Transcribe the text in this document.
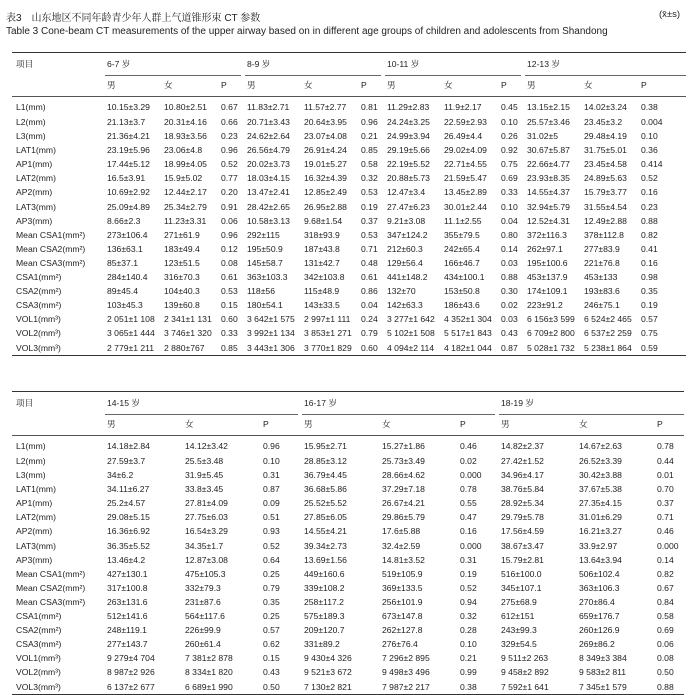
表3　山东地区不同年龄青少年人群上气道锥形束 CT 参数	(x̄±s)
Table 3 Cone-beam CT measurements of the upper airway based on in different age groups of children and adolescents from Shandong
项目	6-7 岁				8-9 岁				10-11 岁				12-13 岁		
	男	女	P		男	女	P		男	女	P		男	女	P
L1(mm)	10.15±3.29	10.80±2.51	0.67		11.83±2.71	11.57±2.77	0.81		11.29±2.83	11.9±2.17	0.45		13.15±2.15	14.02±3.24	0.38
L2(mm)	21.13±3.7	20.31±4.16	0.66		20.71±3.43	20.64±3.95	0.96		24.24±3.25	22.59±2.93	0.10		25.57±3.46	23.45±3.2	0.004
L3(mm)	21.36±4.21	18.93±3.56	0.23		24.62±2.64	23.07±4.08	0.21		24.99±3.94	26.49±4.4	0.26		31.02±5	29.48±4.19	0.10
LAT1(mm)	23.19±5.96	23.06±4.8	0.96		26.56±4.79	26.91±4.24	0.85		29.19±5.66	29.02±4.09	0.92		30.67±5.87	31.75±5.01	0.36
AP1(mm)	17.44±5.12	18.99±4.05	0.52		20.02±3.73	19.01±5.27	0.58		22.19±5.52	22.71±4.55	0.75		22.66±4.77	23.45±4.58	0.414
LAT2(mm)	16.5±3.91	15.9±5.02	0.77		18.03±4.15	16.32±4.39	0.32		20.88±5.73	21.59±5.47	0.69		23.93±8.35	24.89±5.63	0.52
AP2(mm)	10.69±2.92	12.44±2.17	0.20		13.47±2.41	12.85±2.49	0.53		12.47±3.4	13.45±2.89	0.33		14.55±4.37	15.79±3.77	0.16
LAT3(mm)	25.09±4.89	25.34±2.79	0.91		28.42±2.65	26.95±2.88	0.19		27.47±6.23	30.01±2.44	0.10		32.94±5.79	31.55±4.54	0.23
AP3(mm)	8.66±2.3	11.23±3.31	0.06		10.58±3.13	9.68±1.54	0.37		9.21±3.08	11.1±2.55	0.04		12.52±4.31	12.49±2.88	0.88
Mean CSA1(mm²)	273±106.4	271±61.9	0.96		292±115	318±93.9	0.53		347±124.2	355±79.5	0.80		372±116.3	378±112.8	0.82
Mean CSA2(mm²)	136±63.1	183±49.4	0.12		195±50.9	187±43.8	0.71		212±60.3	242±65.4	0.14		262±97.1	277±83.9	0.41
Mean CSA3(mm²)	85±37.1	123±51.5	0.08		145±58.7	131±42.7	0.48		129±56.4	166±46.7	0.03		195±100.6	221±76.8	0.16
CSA1(mm²)	284±140.4	316±70.3	0.61		363±103.3	342±103.8	0.61		441±148.2	434±100.1	0.88		453±137.9	453±133	0.98
CSA2(mm²)	89±45.4	104±40.3	0.53		118±56	115±48.9	0.86		132±70	153±50.8	0.30		174±109.1	193±83.6	0.35
CSA3(mm²)	103±45.3	139±60.8	0.15		180±54.1	143±33.5	0.04		142±63.3	186±43.6	0.02		223±91.2	246±75.1	0.19
VOL1(mm³)	2 051±1 108	2 341±1 131	0.60		3 642±1 575	2 997±1 111	0.24		3 277±1 642	4 352±1 304	0.03		6 156±3 599	6 524±2 465	0.57
VOL2(mm³)	3 065±1 444	3 746±1 320	0.33		3 992±1 134	3 853±1 271	0.79		5 102±1 508	5 517±1 843	0.43		6 709±2 800	6 537±2 259	0.75
VOL3(mm³)	2 779±1 211	2 880±767	0.85		3 443±1 306	3 770±1 829	0.60		4 094±2 114	4 182±1 044	0.87		5 028±1 732	5 238±1 864	0.59
项目	14-15 岁				16-17 岁				18-19 岁		
	男	女	P		男	女	P		男	女	P
L1(mm)	14.18±2.84	14.12±3.42	0.96		15.95±2.71	15.27±1.86	0.46		14.82±2.37	14.67±2.63	0.78
L2(mm)	27.59±3.7	25.5±3.48	0.10		28.85±3.12	25.73±3.49	0.02		27.42±1.52	26.52±3.39	0.44
L3(mm)	34±6.2	31.9±5.45	0.31		36.79±4.45	28.66±4.62	0.000		34.96±4.17	30.42±3.88	0.01
LAT1(mm)	34.11±6.27	33.8±3.45	0.87		36.68±5.86	37.29±7.18	0.78		38.76±5.84	37.67±5.38	0.70
AP1(mm)	25.2±4.57	27.81±4.09	0.09		25.52±5.52	26.67±4.21	0.55		28.92±5.34	27.35±4.15	0.37
LAT2(mm)	29.08±5.15	27.75±6.03	0.51		27.85±6.05	29.86±5.79	0.47		29.79±5.78	31.01±6.29	0.71
AP2(mm)	16.36±6.92	16.54±3.29	0.93		14.55±4.21	17.6±5.88	0.16		17.56±4.59	16.21±3.27	0.46
LAT3(mm)	36.35±5.52	34.35±1.7	0.52		39.34±2.73	32.4±2.59	0.000		38.67±3.47	33.9±2.97	0.000
AP3(mm)	13.46±4.2	12.87±3.08	0.64		13.69±1.56	14.81±3.52	0.31		15.79±2.81	13.64±3.94	0.14
Mean CSA1(mm²)	427±130.1	475±105.3	0.25		449±160.6	519±105.9	0.19		516±100.0	506±102.4	0.82
Mean CSA2(mm²)	317±100.8	332±79.3	0.79		339±108.2	369±133.5	0.52		345±107.1	363±106.3	0.67
Mean CSA3(mm²)	263±131.6	231±87.6	0.35		258±117.2	256±101.9	0.94		275±68.9	270±86.4	0.84
CSA1(mm²)	512±141.6	564±117.6	0.25		575±189.3	673±147.8	0.32		612±151	659±176.7	0.58
CSA2(mm²)	248±119.1	226±99.9	0.57		209±120.7	262±127.8	0.28		243±99.3	260±126.9	0.69
CSA3(mm²)	277±143.7	260±61.4	0.62		331±89.2	276±76.4	0.10		329±54.5	269±86.2	0.06
VOL1(mm³)	9 279±4 704	7 381±2 878	0.15		9 430±4 326	7 296±2 895	0.21		9 511±2 263	8 349±3 384	0.08
VOL2(mm³)	8 987±2 926	8 334±1 820	0.43		9 521±3 672	9 498±3 496	0.99		9 458±2 892	9 583±2 811	0.50
VOL3(mm³)	6 137±2 677	6 689±1 990	0.50		7 130±2 821	7 987±2 217	0.38		7 592±1 641	7 345±1 579	0.88
